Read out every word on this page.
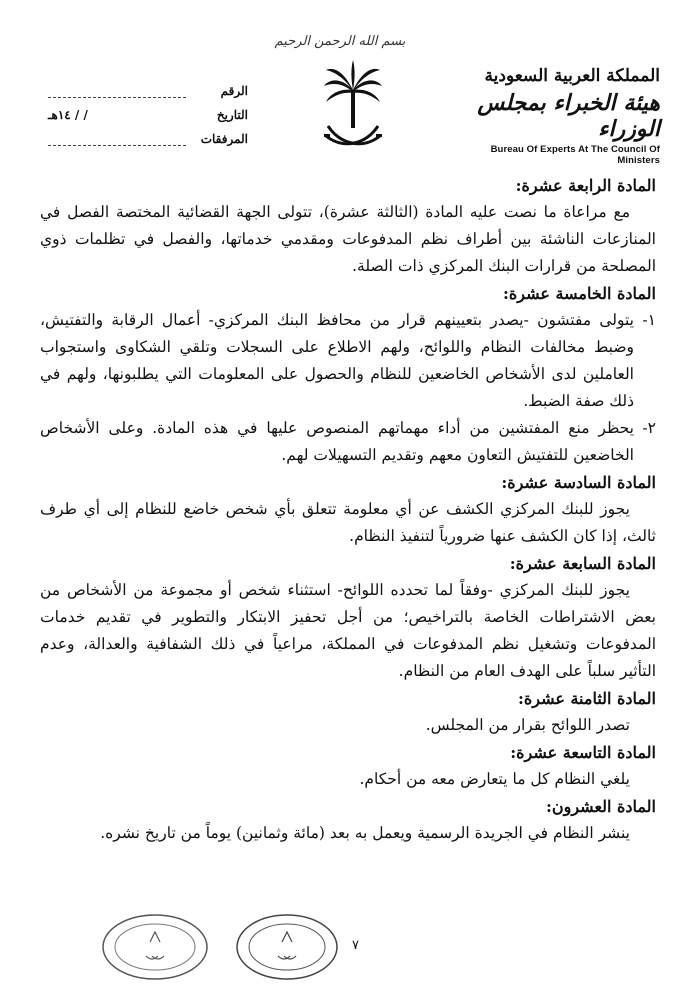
بسم الله الرحمن الرحيم
المملكة العربية السعودية
هيئة الخبراء بمجلس الوزراء
Bureau Of Experts At The Council Of Ministers
الرقم
التاريخ
/ / ١٤هـ
المرفقات

المادة الرابعة عشرة:

مع مراعاة ما نصت عليه المادة (الثالثة عشرة)، تتولى الجهة القضائية المختصة الفصل في المنازعات الناشئة بين أطراف نظم المدفوعات ومقدمي خدماتها، والفصل في تظلمات ذوي المصلحة من قرارات البنك المركزي ذات الصلة.

المادة الخامسة عشرة:

١-
يتولى مفتشون -يصدر بتعيينهم قرار من محافظ البنك المركزي- أعمال الرقابة والتفتيش، وضبط مخالفات النظام واللوائح، ولهم الاطلاع على السجلات وتلقي الشكاوى واستجواب العاملين لدى الأشخاص الخاضعين للنظام والحصول على المعلومات التي يطلبونها، ولهم في ذلك صفة الضبط.
٢-
يحظر منع المفتشين من أداء مهماتهم المنصوص عليها في هذه المادة. وعلى الأشخاص الخاضعين للتفتيش التعاون معهم وتقديم التسهيلات لهم.

المادة السادسة عشرة:

يجوز للبنك المركزي الكشف عن أي معلومة تتعلق بأي شخص خاضع للنظام إلى أي طرف ثالث، إذا كان الكشف عنها ضرورياً لتنفيذ النظام.

المادة السابعة عشرة:

يجوز للبنك المركزي -وفقاً لما تحدده اللوائح- استثناء شخص أو مجموعة من الأشخاص من بعض الاشتراطات الخاصة بالتراخيص؛ من أجل تحفيز الابتكار والتطوير في تقديم خدمات المدفوعات وتشغيل نظم المدفوعات في المملكة، مراعياً في ذلك الشفافية والعدالة، وعدم التأثير سلباً على الهدف العام من النظام.

المادة الثامنة عشرة:

تصدر اللوائح بقرار من المجلس.

المادة التاسعة عشرة:

يلغي النظام كل ما يتعارض معه من أحكام.

المادة العشرون:

ينشر النظام في الجريدة الرسمية ويعمل به بعد (مائة وثمانين) يوماً من تاريخ نشره.

٧
